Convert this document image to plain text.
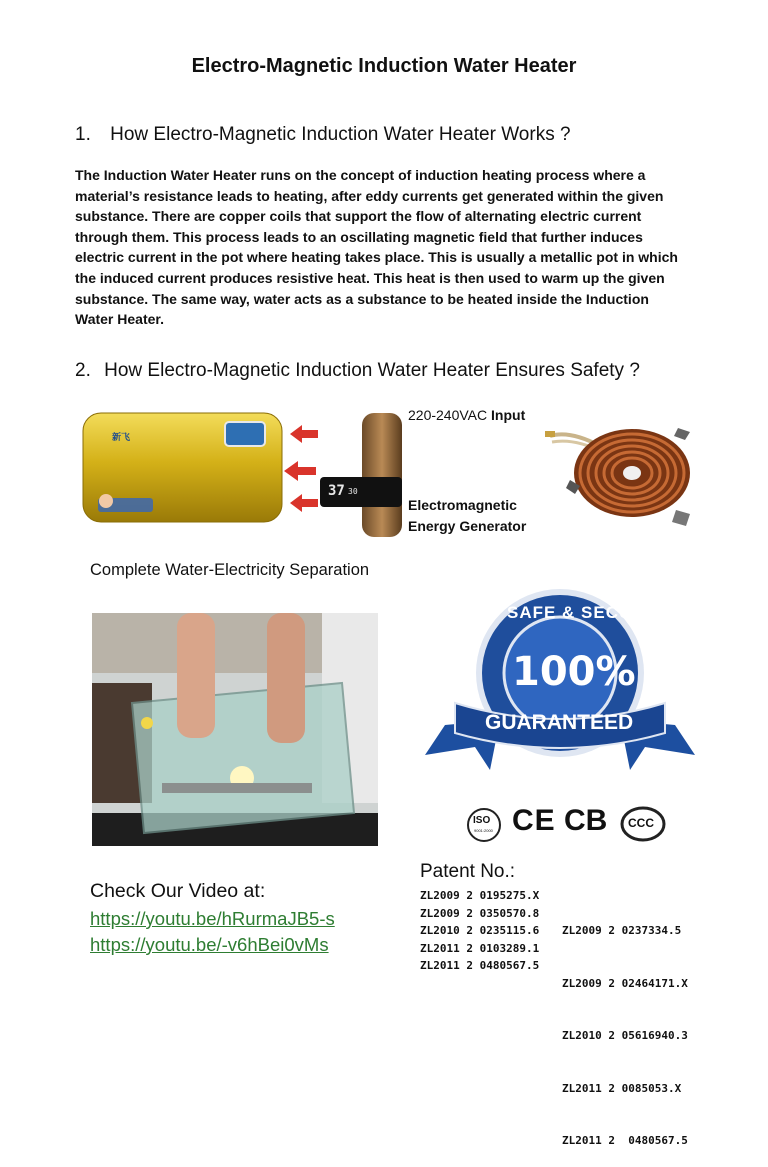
Electro-Magnetic Induction Water Heater
1. How Electro-Magnetic Induction Water Heater Works ?
The Induction Water Heater runs on the concept of induction heating process where a material’s resistance leads to heating, after eddy currents get generated within the given substance. There are copper coils that support the flow of alternating electric current through them. This process leads to an oscillating magnetic field that further induces electric current in the pot where heating takes place. This is usually a metallic pot in which the induced current produces resistive heat. This heat is then used to warm up the given substance. The same way, water acts as a substance to be heated inside the Induction Water Heater.
2. How Electro-Magnetic Induction Water Heater Ensures Safety ?
新飞
37 30
220-240VAC Input
Electromagnetic
Energy Generator
Complete Water-Electricity Separation
SAFE & SECURE
100%
GUARANTEED
ISO
9001:2000 CE CB CCC
Check Our Video at:
https://youtu.be/hRurmaJB5-s
https://youtu.be/-v6hBei0vMs
Patent No.:
ZL2009 2 0195275.X
ZL2009 2 0350570.8
ZL2010 2 0235115.6
ZL2011 2 0103289.1
ZL2011 2 0480567.5

ZL2009 2 0237334.5

ZL2009 2 02464171.X

ZL2010 2 05616940.3

ZL2011 2 0085053.X

ZL2011 2  0480567.5
